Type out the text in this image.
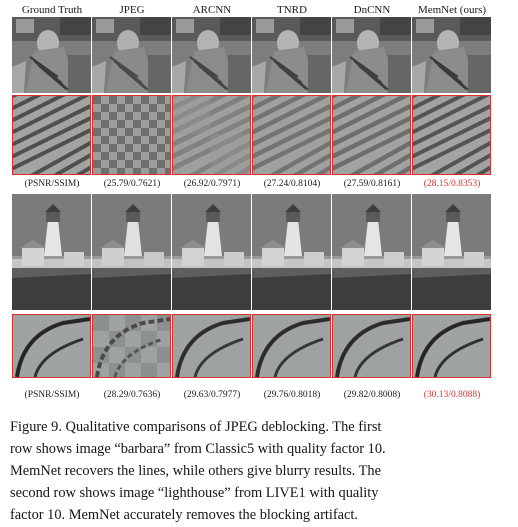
Ground Truth	JPEG	ARCNN	TNRD	DnCNN	MemNet (ours)
(PSNR/SSIM)	(25.79/0.7621)	(26.92/0.7971)	(27.24/0.8104)	(27.59/0.8161)	(28.15/0.8353)
(PSNR/SSIM)	(28.29/0.7636)	(29.63/0.7977)	(29.76/0.8018)	(29.82/0.8008)	(30.13/0.8088)
Figure 9. Qualitative comparisons of JPEG deblocking. The first
row shows image “barbara” from Classic5 with quality factor 10.
MemNet recovers the lines, while others give blurry results. The
second row shows image “lighthouse” from LIVE1 with quality
factor 10. MemNet accurately removes the blocking artifact.
